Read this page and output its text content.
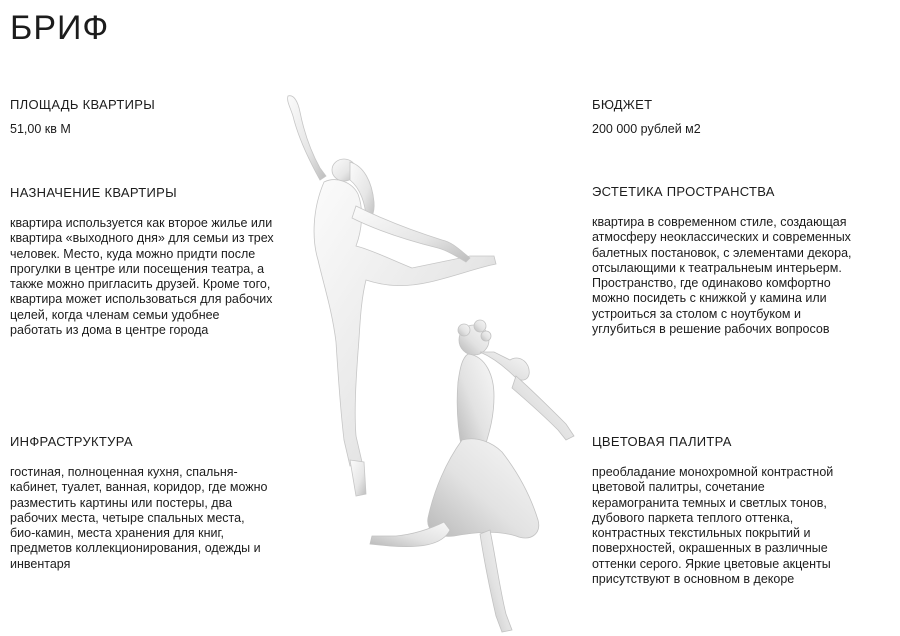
БРИФ

ПЛОЩАДЬ КВАРТИРЫ

51,00 кв М

НАЗНАЧЕНИЕ КВАРТИРЫ

квартира используется как второе жилье или квартира «выходного дня» для семьи из трех человек. Место, куда можно придти после прогулки в центре или посещения театра, а также можно пригласить друзей. Кроме того, квартира может использоваться для рабочих целей, когда членам семьи удобнее работать из дома в центре города

ИНФРАСТРУКТУРА

гостиная, полноценная кухня, спальня-кабинет, туалет, ванная, коридор, где можно разместить картины или постеры, два рабочих места, четыре спальных места, био-камин, места хранения для книг, предметов коллекционирования, одежды и инвентаря

БЮДЖЕТ

200 000 рублей м2

ЭСТЕТИКА ПРОСТРАНСТВА

квартира в современном стиле, создающая атмосферу неоклассических и современных балетных постановок, с элементами декора, отсылающими к театральнеым интерьерм. Пространство, где одинаково комфортно можно посидеть с книжкой у камина или устроиться за столом с ноутбуком и углубиться в решение рабочих вопросов

ЦВЕТОВАЯ ПАЛИТРА

преобладание монохромной контрастной цветовой палитры, сочетание керамогранита темных и светлых тонов, дубового паркета теплого оттенка, контрастных текстильных покрытий и поверхностей, окрашенных в различные оттенки серого. Яркие цветовые акценты присутствуют в основном в декоре
